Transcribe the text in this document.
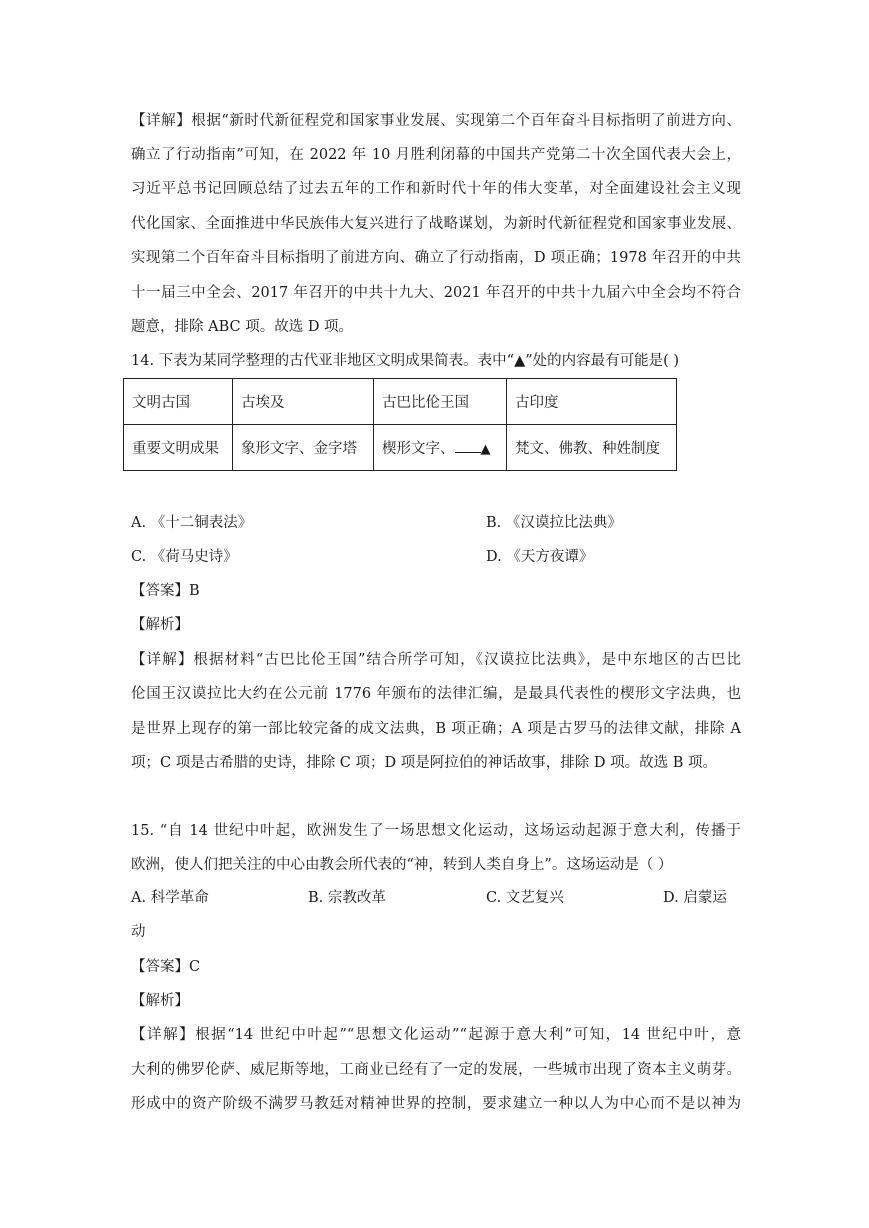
【详解】根据“新时代新征程党和国家事业发展、实现第二个百年奋斗目标指明了前进方向、
确立了行动指南”可知，在 2022 年 10 月胜利闭幕的中国共产党第二十次全国代表大会上，
习近平总书记回顾总结了过去五年的工作和新时代十年的伟大变革，对全面建设社会主义现
代化国家、全面推进中华民族伟大复兴进行了战略谋划，为新时代新征程党和国家事业发展、
实现第二个百年奋斗目标指明了前进方向、确立了行动指南，D 项正确；1978 年召开的中共
十一届三中全会、2017 年召开的中共十九大、2021 年召开的中共十九届六中全会均不符合
题意，排除 ABC 项。故选 D 项。
14. 下表为某同学整理的古代亚非地区文明成果简表。表中“▲”处的内容最有可能是( )
文明古国	古埃及	古巴比伦王国	古印度
重要文明成果	象形文字、金字塔	楔形文字、 ▲	梵文、佛教、种姓制度
A. 《十二铜表法》	B. 《汉谟拉比法典》
C. 《荷马史诗》	D. 《天方夜谭》
【答案】B
【解析】
【详解】根据材料“古巴比伦王国”结合所学可知，《汉谟拉比法典》，是中东地区的古巴比
伦国王汉谟拉比大约在公元前 1776 年颁布的法律汇编，是最具代表性的楔形文字法典，也
是世界上现存的第一部比较完备的成文法典，B 项正确；A 项是古罗马的法律文献，排除 A
项；C 项是古希腊的史诗，排除 C 项；D 项是阿拉伯的神话故事，排除 D 项。故选 B 项。
15. “自 14 世纪中叶起，欧洲发生了一场思想文化运动，这场运动起源于意大利，传播于
欧洲，使人们把关注的中心由教会所代表的“神，转到人类自身上”。这场运动是（ ）
A. 科学革命	B. 宗教改革	C. 文艺复兴	D. 启蒙运
动
【答案】C
【解析】
【详解】根据“14 世纪中叶起”“思想文化运动”“起源于意大利”可知，14 世纪中叶，意
大利的佛罗伦萨、威尼斯等地，工商业已经有了一定的发展，一些城市出现了资本主义萌芽。
形成中的资产阶级不满罗马教廷对精神世界的控制，要求建立一种以人为中心而不是以神为
